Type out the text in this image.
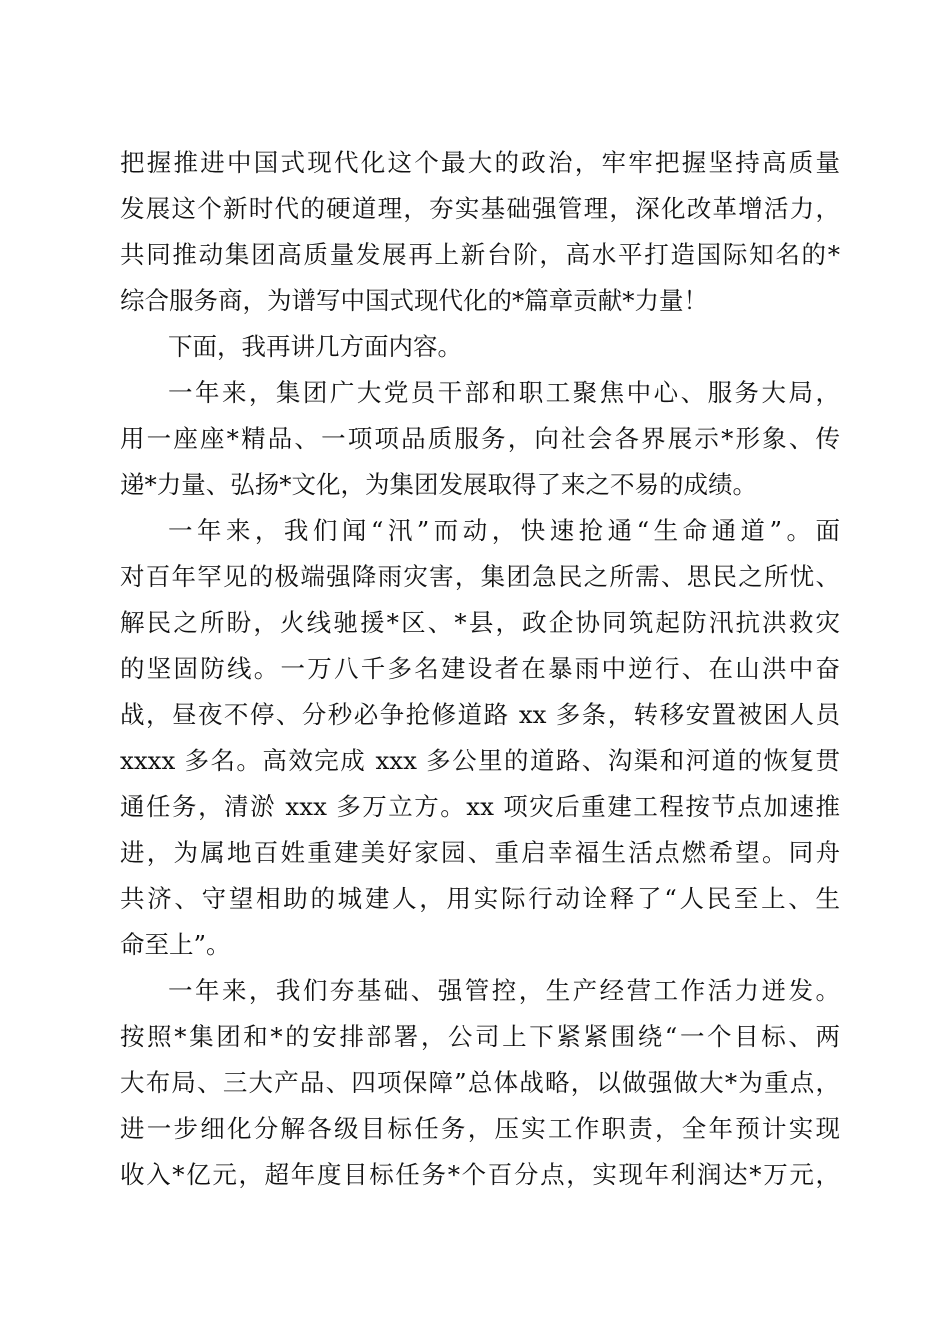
把握推进中国式现代化这个最大的政治，牢牢把握坚持高质量
发展这个新时代的硬道理，夯实基础强管理，深化改革增活力，
共同推动集团高质量发展再上新台阶，高水平打造国际知名的*
综合服务商，为谱写中国式现代化的*篇章贡献*力量！
下面，我再讲几方面内容。
一年来，集团广大党员干部和职工聚焦中心、服务大局，
用一座座*精品、一项项品质服务，向社会各界展示*形象、传
递*力量、弘扬*文化，为集团发展取得了来之不易的成绩。
一年来，我们闻“汛”而动，快速抢通“生命通道”。面
对百年罕见的极端强降雨灾害，集团急民之所需、思民之所忧、
解民之所盼，火线驰援*区、*县，政企协同筑起防汛抗洪救灾
的坚固防线。一万八千多名建设者在暴雨中逆行、在山洪中奋
战，昼夜不停、分秒必争抢修道路 xx 多条，转移安置被困人员
xxxx 多名。高效完成 xxx 多公里的道路、沟渠和河道的恢复贯
通任务，清淤 xxx 多万立方。xx 项灾后重建工程按节点加速推
进，为属地百姓重建美好家园、重启幸福生活点燃希望。同舟
共济、守望相助的城建人，用实际行动诠释了“人民至上、生
命至上”。
一年来，我们夯基础、强管控，生产经营工作活力迸发。
按照*集团和*的安排部署，公司上下紧紧围绕“一个目标、两
大布局、三大产品、四项保障”总体战略，以做强做大*为重点，
进一步细化分解各级目标任务，压实工作职责，全年预计实现
收入*亿元，超年度目标任务*个百分点，实现年利润达*万元，
